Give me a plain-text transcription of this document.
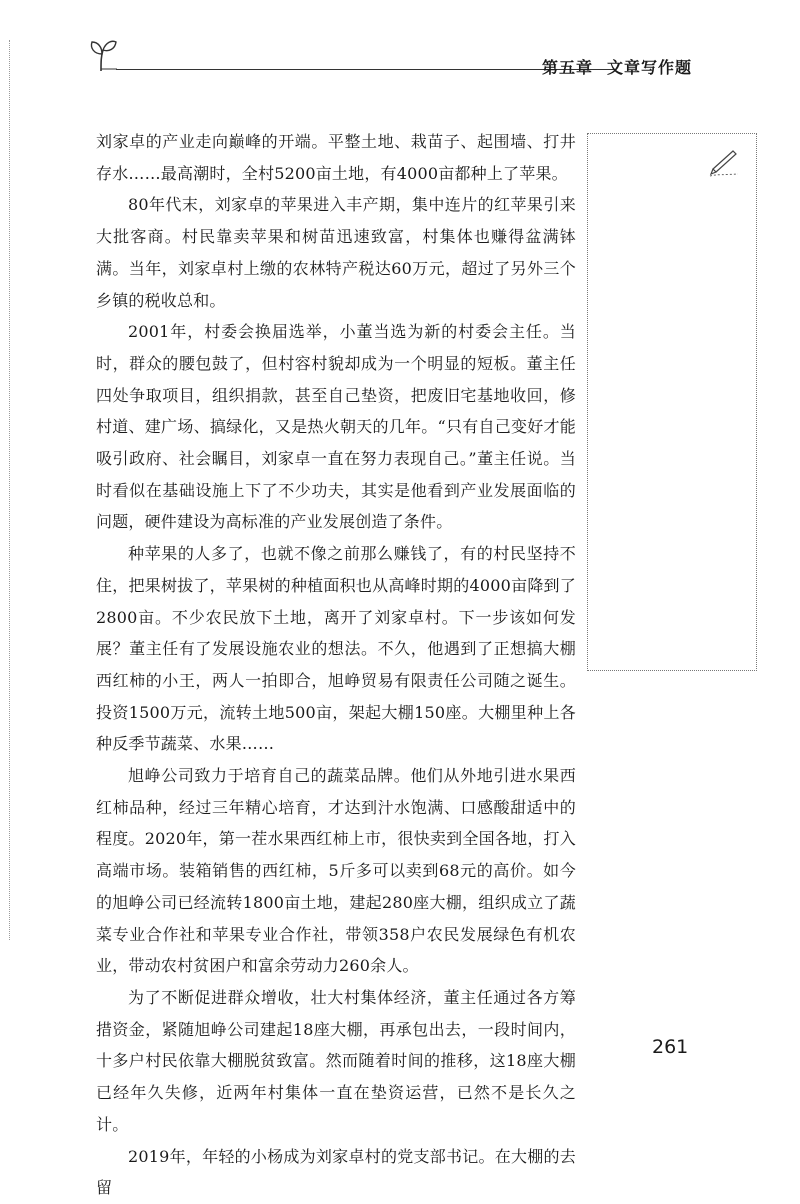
第五章 文章写作题

刘家卓的产业走向巅峰的开端。平整土地、栽苗子、起围墙、打井存水……最高潮时，全村5200亩土地，有4000亩都种上了苹果。

80年代末，刘家卓的苹果进入丰产期，集中连片的红苹果引来大批客商。村民靠卖苹果和树苗迅速致富，村集体也赚得盆满钵满。当年，刘家卓村上缴的农林特产税达60万元，超过了另外三个乡镇的税收总和。

2001年，村委会换届选举，小董当选为新的村委会主任。当时，群众的腰包鼓了，但村容村貌却成为一个明显的短板。董主任四处争取项目，组织捐款，甚至自己垫资，把废旧宅基地收回，修村道、建广场、搞绿化，又是热火朝天的几年。“只有自己变好才能吸引政府、社会瞩目，刘家卓一直在努力表现自己。”董主任说。当时看似在基础设施上下了不少功夫，其实是他看到产业发展面临的问题，硬件建设为高标准的产业发展创造了条件。

种苹果的人多了，也就不像之前那么赚钱了，有的村民坚持不住，把果树拔了，苹果树的种植面积也从高峰时期的4000亩降到了2800亩。不少农民放下土地，离开了刘家卓村。下一步该如何发展？董主任有了发展设施农业的想法。不久，他遇到了正想搞大棚西红柿的小王，两人一拍即合，旭峥贸易有限责任公司随之诞生。投资1500万元，流转土地500亩，架起大棚150座。大棚里种上各种反季节蔬菜、水果……

旭峥公司致力于培育自己的蔬菜品牌。他们从外地引进水果西红柿品种，经过三年精心培育，才达到汁水饱满、口感酸甜适中的程度。2020年，第一茬水果西红柿上市，很快卖到全国各地，打入高端市场。装箱销售的西红柿，5斤多可以卖到68元的高价。如今的旭峥公司已经流转1800亩土地，建起280座大棚，组织成立了蔬菜专业合作社和苹果专业合作社，带领358户农民发展绿色有机农业，带动农村贫困户和富余劳动力260余人。

为了不断促进群众增收，壮大村集体经济，董主任通过各方筹措资金，紧随旭峥公司建起18座大棚，再承包出去，一段时间内，十多户村民依靠大棚脱贫致富。然而随着时间的推移，这18座大棚已经年久失修，近两年村集体一直在垫资运营，已然不是长久之计。

2019年，年轻的小杨成为刘家卓村的党支部书记。在大棚的去留

261
